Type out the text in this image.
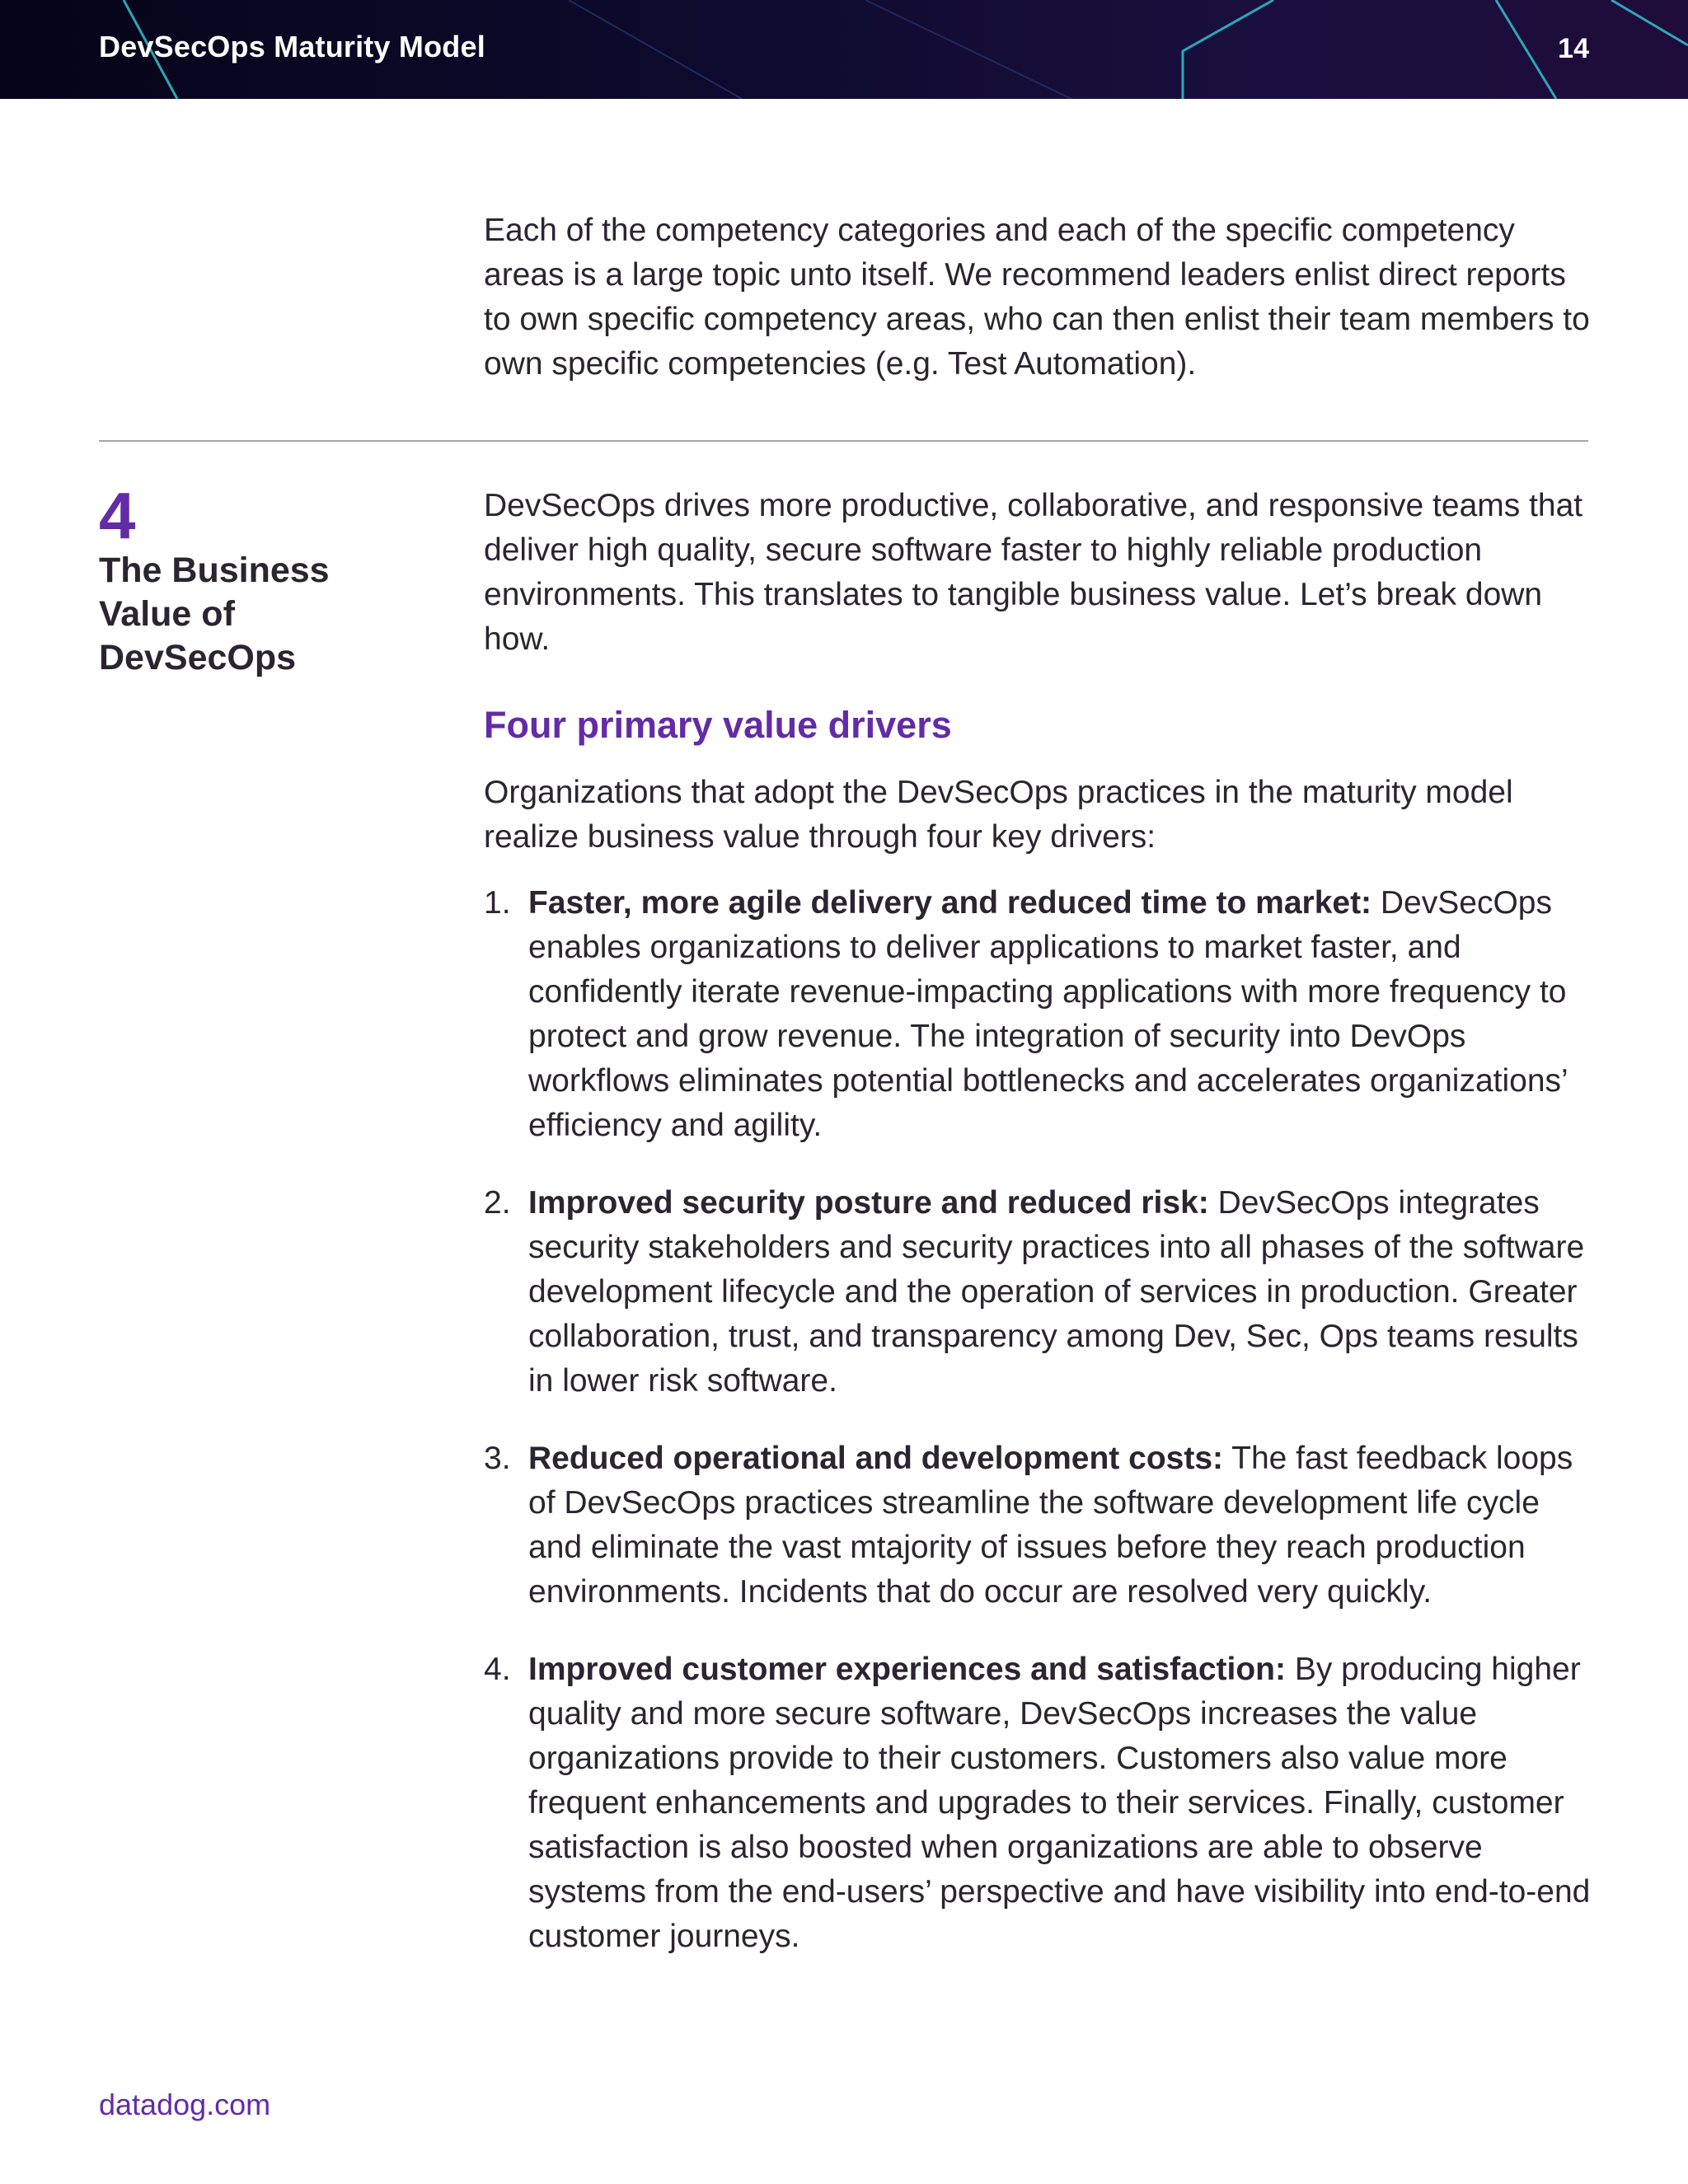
DevSecOps Maturity Model	14

Each of the competency categories and each of the specific competency areas is a large topic unto itself. We recommend leaders enlist direct reports to own specific competency areas, who can then enlist their team members to own specific competencies (e.g. Test Automation).

4
The Business Value of DevSecOps

DevSecOps drives more productive, collaborative, and responsive teams that deliver high quality, secure software faster to highly reliable production environments. This translates to tangible business value. Let’s break down how.

Four primary value drivers

Organizations that adopt the DevSecOps practices in the maturity model realize business value through four key drivers:

1. Faster, more agile delivery and reduced time to market: DevSecOps enables organizations to deliver applications to market faster, and confidently iterate revenue-impacting applications with more frequency to protect and grow revenue. The integration of security into DevOps workflows eliminates potential bottlenecks and accelerates organizations’ efficiency and agility.
2. Improved security posture and reduced risk: DevSecOps integrates security stakeholders and security practices into all phases of the software development lifecycle and the operation of services in production. Greater collaboration, trust, and transparency among Dev, Sec, Ops teams results in lower risk software.
3. Reduced operational and development costs: The fast feedback loops of DevSecOps practices streamline the software development life cycle and eliminate the vast mtajority of issues before they reach production environments. Incidents that do occur are resolved very quickly.
4. Improved customer experiences and satisfaction: By producing higher quality and more secure software, DevSecOps increases the value organizations provide to their customers. Customers also value more frequent enhancements and upgrades to their services. Finally, customer satisfaction is also boosted when organizations are able to observe systems from the end-users’ perspective and have visibility into end-to-end customer journeys.
datadog.com
